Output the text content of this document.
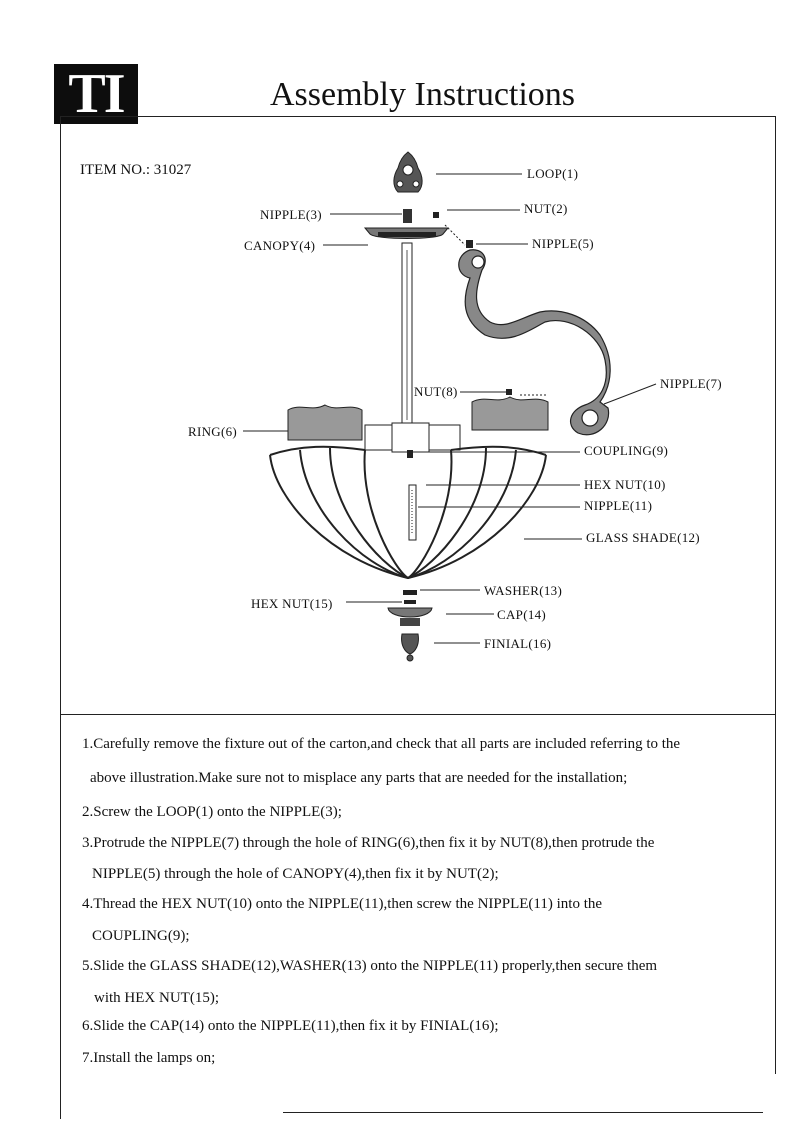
TI	Assembly Instructions
ITEM NO.: 31027	LOOP(1)
NUT(2)
NIPPLE(3)
CANOPY(4)	NIPPLE(5)
NUT(8)
NIPPLE(7)
RING(6)
COUPLING(9)
HEX NUT(10)
NIPPLE(11)
GLASS SHADE(12)
WASHER(13)
HEX NUT(15)
CAP(14)
FINIAL(16)
1.Carefully remove the fixture out of the carton,and check that all parts are included referring to the
above illustration.Make sure not to misplace any parts that are needed for the installation;
2.Screw the LOOP(1) onto the NIPPLE(3);
3.Protrude the NIPPLE(7) through the hole of RING(6),then fix it by NUT(8),then protrude the
NIPPLE(5) through the hole of CANOPY(4),then fix it by NUT(2);
4.Thread the HEX NUT(10) onto the NIPPLE(11),then screw the NIPPLE(11) into the
COUPLING(9);
5.Slide the GLASS SHADE(12),WASHER(13) onto the NIPPLE(11) properly,then secure them
with HEX NUT(15);
6.Slide the CAP(14) onto the NIPPLE(11),then fix it by FINIAL(16);
7.Install the lamps on;
